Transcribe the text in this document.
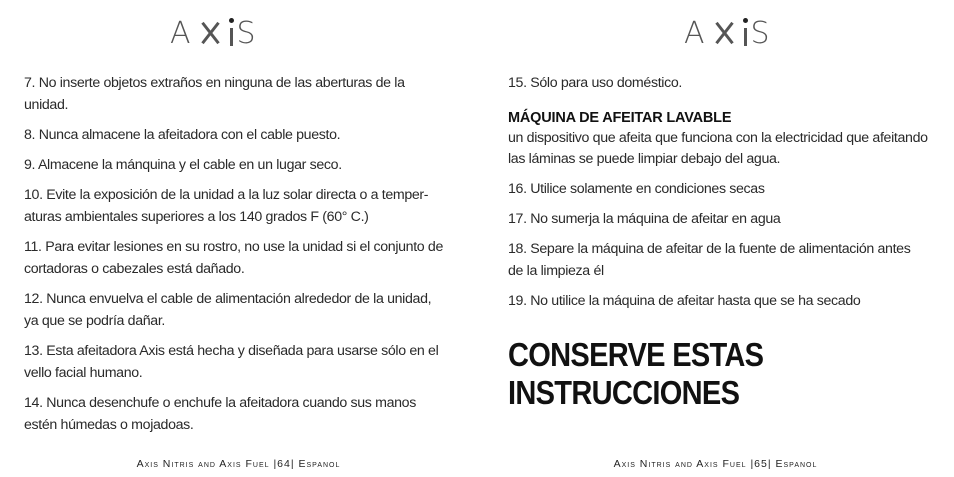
A S

7. No inserte objetos extraños en ninguna de las aberturas de la unidad.

8. Nunca almacene la afeitadora con el cable puesto.

9. Almacene la mánquina y el cable en un lugar seco.

10. Evite la exposición de la unidad a la luz solar directa o a temper-aturas ambientales superiores a los 140 grados F (60° C.)

11. Para evitar lesiones en su rostro, no use la unidad si el conjunto de cortadoras o cabezales está dañado.

12. Nunca envuelva el cable de alimentación alrededor de la unidad, ya que se podría dañar.

13. Esta afeitadora Axis está hecha y diseñada para usarse sólo en el vello facial humano.

14. Nunca desenchufe o enchufe la afeitadora cuando sus manos estén húmedas o mojadoas.

Axis Nitris and Axis Fuel |64| Espanol
A S

15. Sólo para uso doméstico.

MÁQUINA DE AFEITAR LAVABLE

un dispositivo que afeita que funciona con la electricidad que afeitando las láminas se puede limpiar debajo del agua.

16. Utilice solamente en condiciones secas

17. No sumerja la máquina de afeitar en agua

18. Separe la máquina de afeitar de la fuente de alimentación antes de la limpieza él

19. No utilice la máquina de afeitar hasta que se ha secado

CONSERVE ESTAS
INSTRUCCIONES
Axis Nitris and Axis Fuel |65| Espanol
